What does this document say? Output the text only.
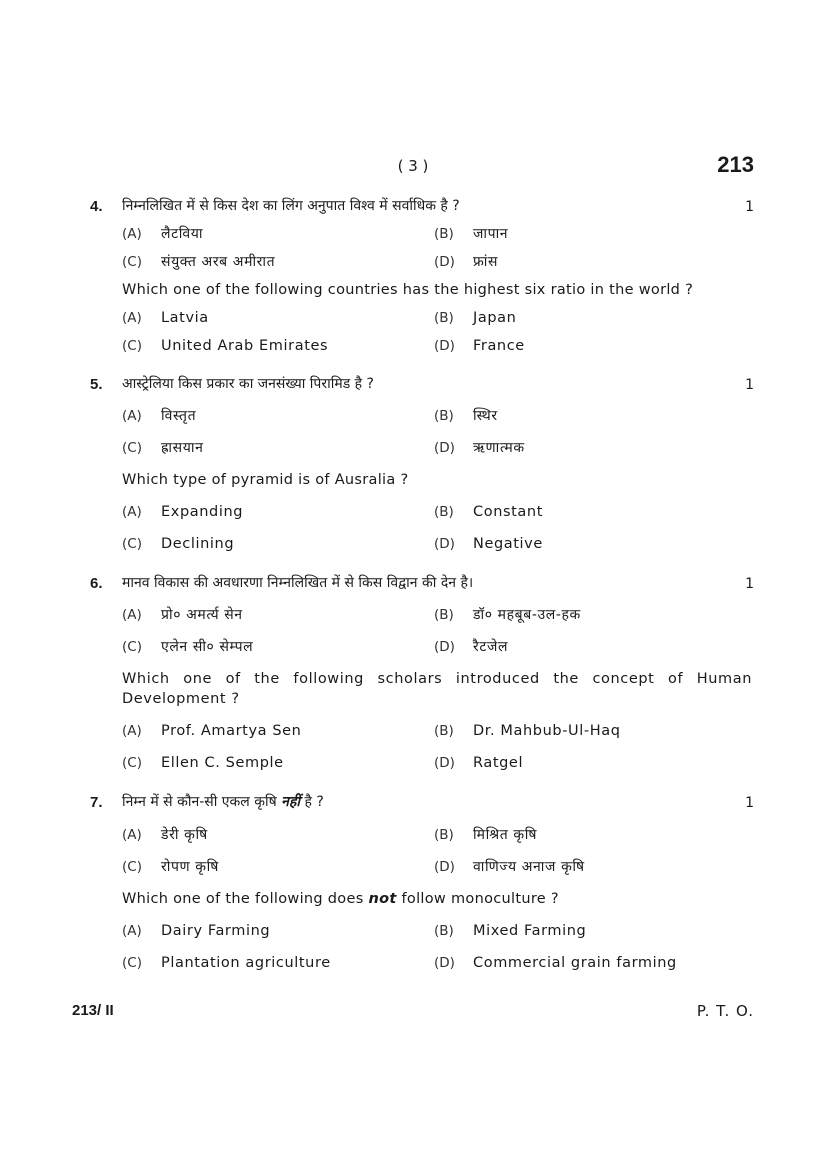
( 3 )	213
4. निम्नलिखित में से किस देश का लिंग अनुपात विश्व में सर्वाधिक है ?	1
(A) लैटविया	(B) जापान
(C) संयुक्त अरब अमीरात	(D) फ्रांस
Which one of the following countries has the highest six ratio in the world ?
(A) Latvia	(B) Japan
(C) United Arab Emirates	(D) France
5. आस्ट्रेलिया किस प्रकार का जनसंख्या पिरामिड है ?	1
(A) विस्तृत	(B) स्थिर
(C) ह्रासयान	(D) ऋणात्मक
Which type of pyramid is of Ausralia ?
(A) Expanding	(B) Constant
(C) Declining	(D) Negative
6. मानव विकास की अवधारणा निम्नलिखित में से किस विद्वान की देन है।	1
(A) प्रो० अमर्त्य सेन	(B) डॉ० महबूब-उल-हक
(C) एलेन सी० सेम्पल	(D) रैटजेल
Which one of the following scholars introduced the concept of Human Development ?
(A) Prof. Amartya Sen	(B) Dr. Mahbub-Ul-Haq
(C) Ellen C. Semple	(D) Ratgel
7. निम्न में से कौन-सी एकल कृषि नहीं है ?	1
(A) डेरी कृषि	(B) मिश्रित कृषि
(C) रोपण कृषि	(D) वाणिज्य अनाज कृषि
Which one of the following does not follow monoculture ?
(A) Dairy Farming	(B) Mixed Farming
(C) Plantation agriculture	(D) Commercial grain farming
213/ II	P. T. O.
